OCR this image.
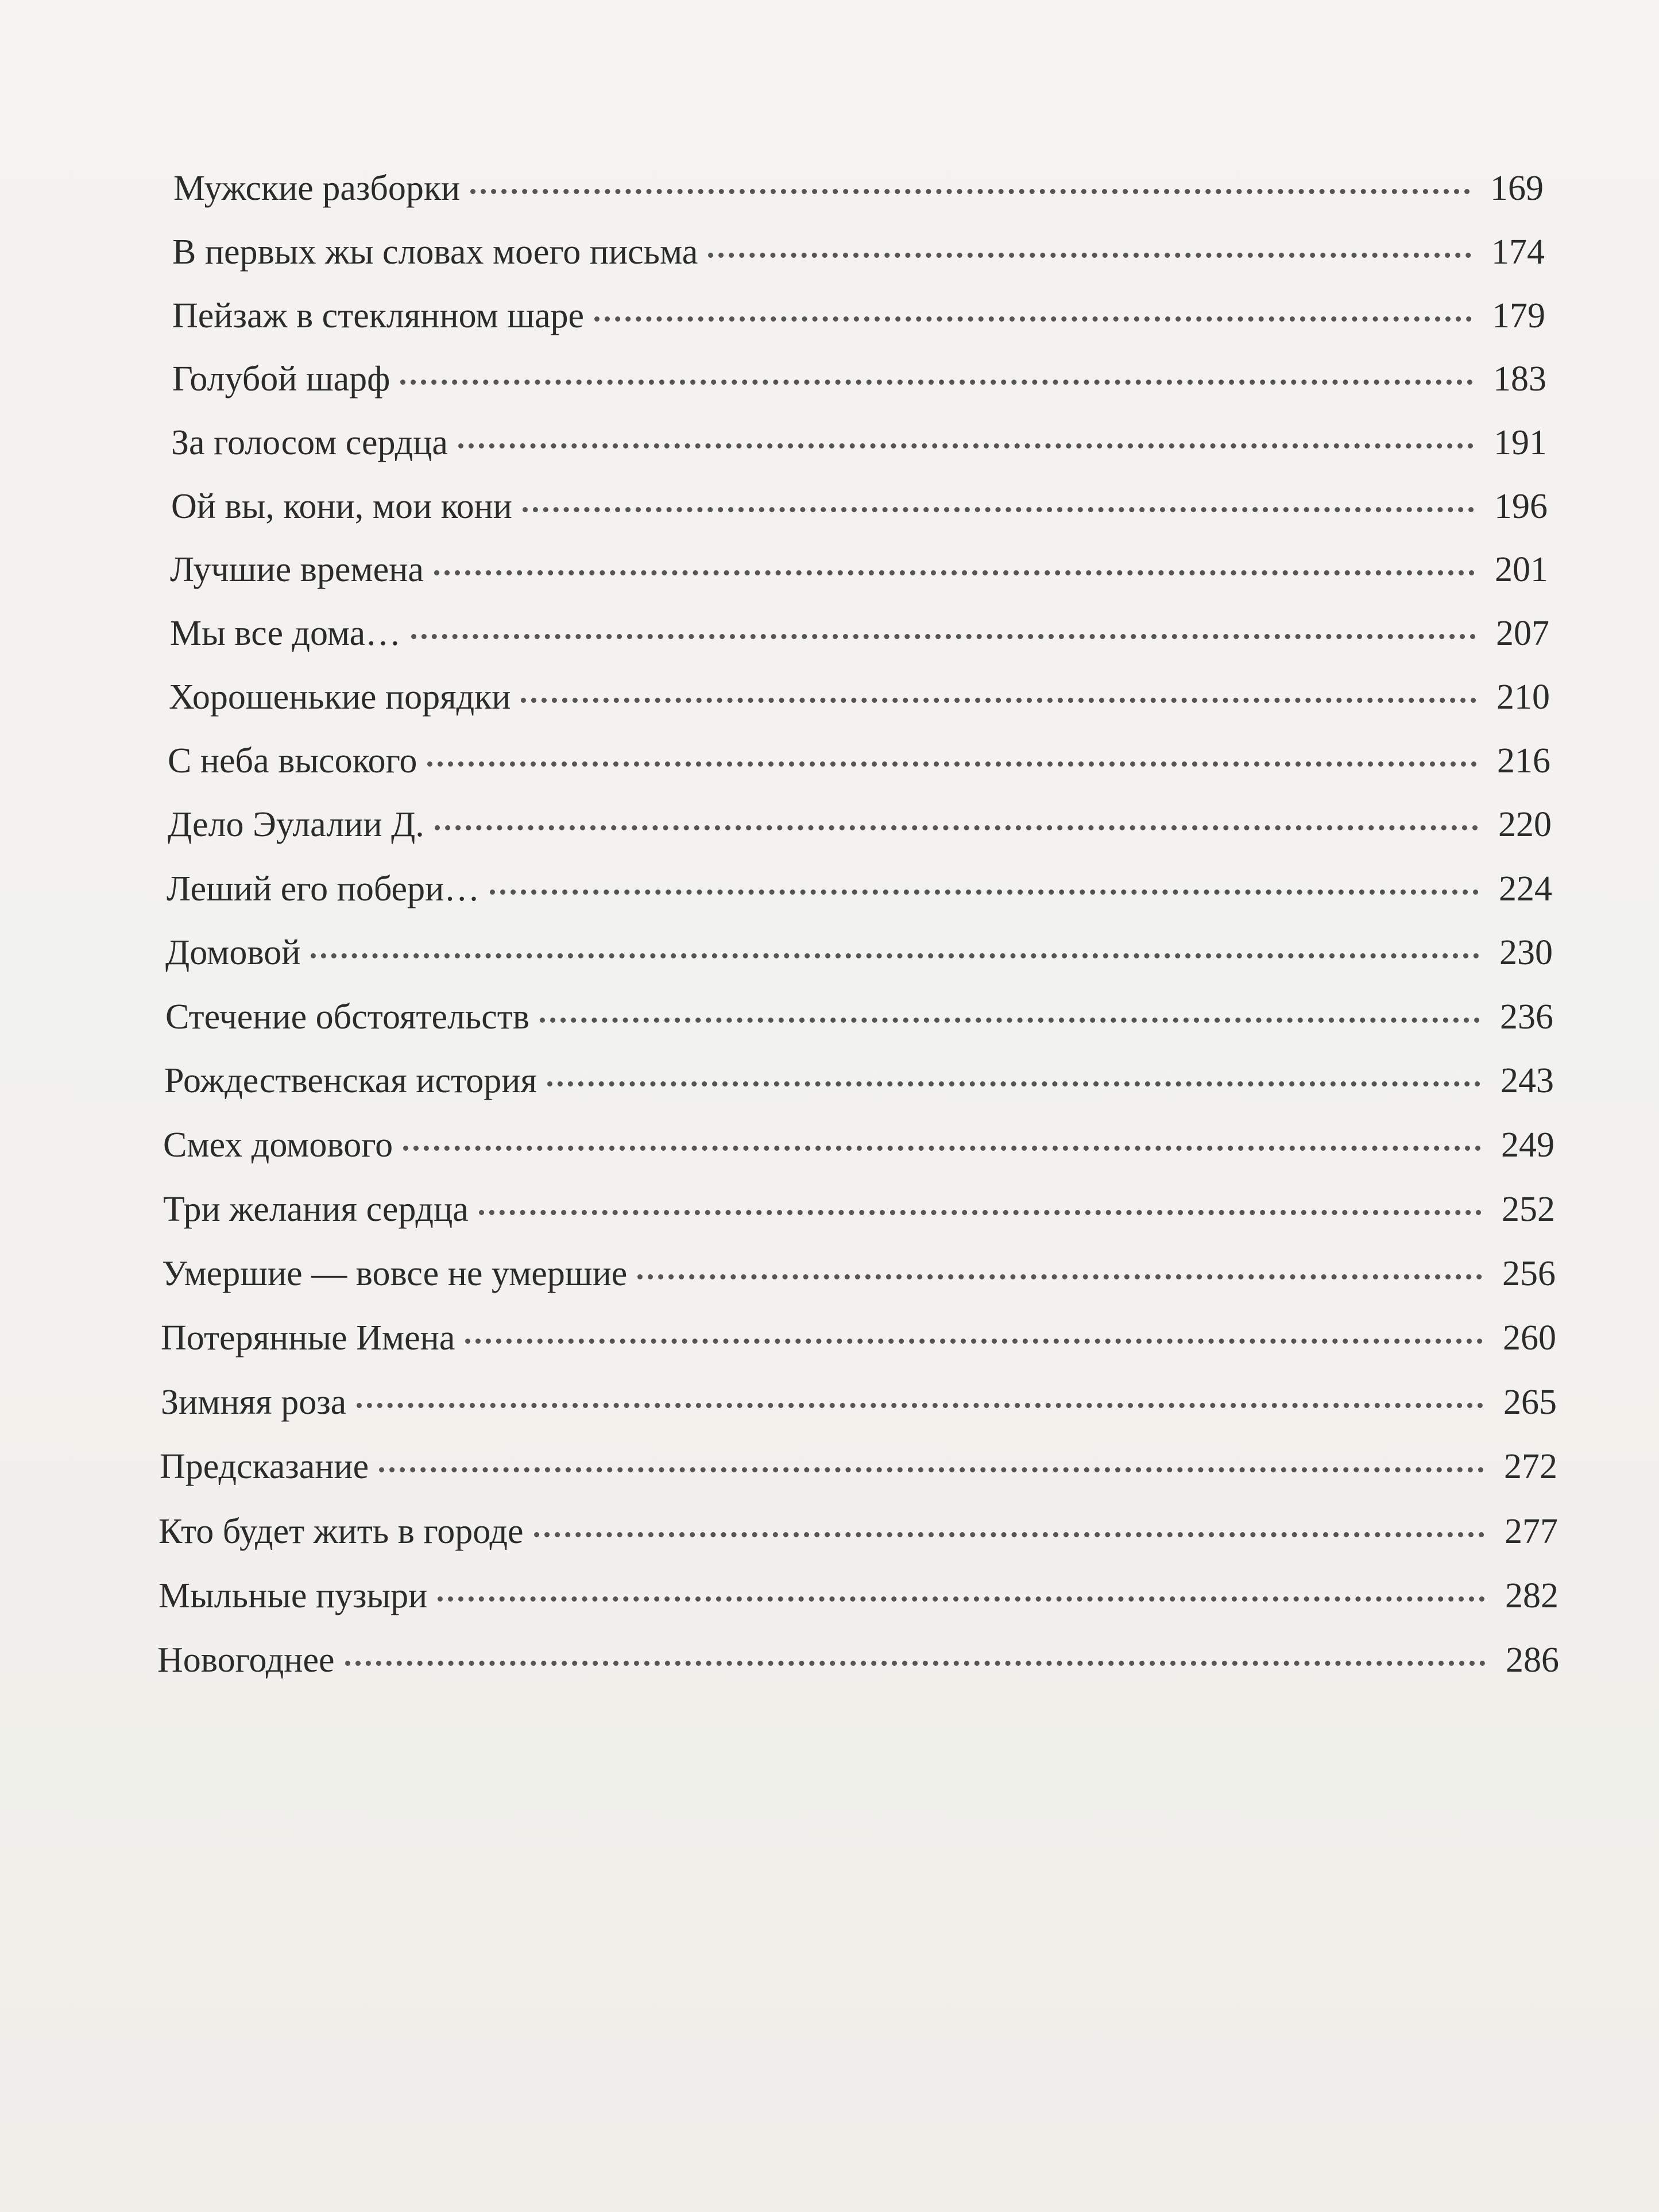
Мужские разборки	169
В первых жы словах моего письма	174
Пейзаж в стеклянном шаре	179
Голубой шарф	183
За голосом сердца	191
Ой вы, кони, мои кони	196
Лучшие времена	201
Мы все дома…	207
Хорошенькие порядки	210
С неба высокого	216
Дело Эулалии Д.	220
Леший его побери…	224
Домовой	230
Стечение обстоятельств	236
Рождественская история	243
Смех домового	249
Три желания сердца	252
Умершие — вовсе не умершие	256
Потерянные Имена	260
Зимняя роза	265
Предсказание	272
Кто будет жить в городе	277
Мыльные пузыри	282
Новогоднее	286
